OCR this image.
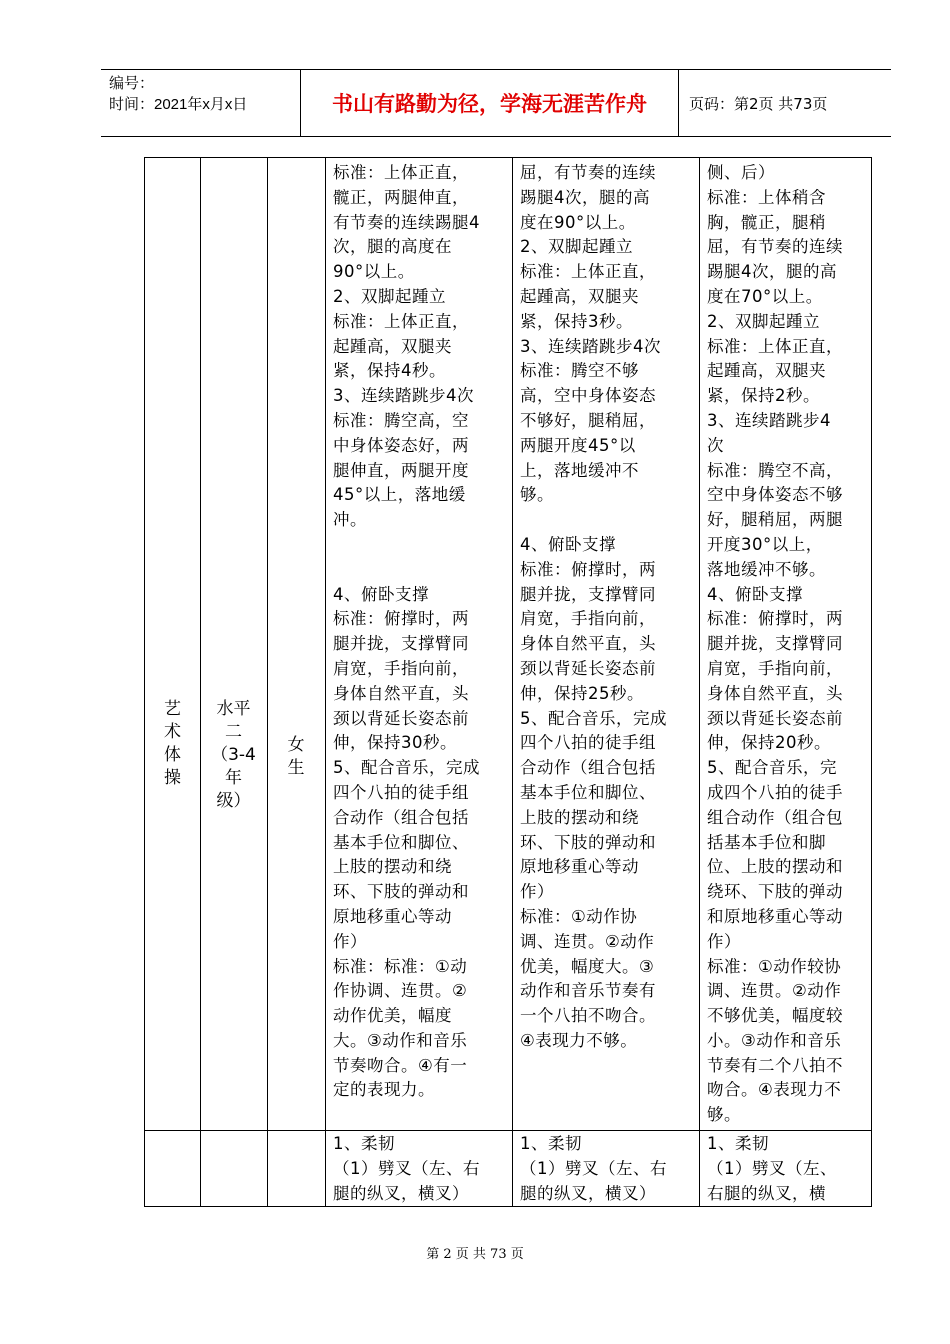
编号：
时间：2021年x月x日	书山有路勤为径，学海无涯苦作舟	页码：第2页 共73页
艺
术
体
操
水平
二
（3-4
年
级）
女
生
标准：上体正直，
髋正，两腿伸直，
有节奏的连续踢腿4
次，腿的高度在
90°以上。
2、双脚起踵立
标准：上体正直，
起踵高，双腿夹
紧，保持4秒。
3、连续踏跳步4次
标准：腾空高，空
中身体姿态好，两
腿伸直，两腿开度
45°以上，落地缓
冲。

4、俯卧支撑
标准：俯撑时，两
腿并拢，支撑臂同
肩宽，手指向前，
身体自然平直，头
颈以背延长姿态前
伸，保持30秒。
5、配合音乐，完成
四个八拍的徒手组
合动作（组合包括
基本手位和脚位、
上肢的摆动和绕
环、下肢的弹动和
原地移重心等动
作）
标准：标准：①动
作协调、连贯。②
动作优美，幅度
大。③动作和音乐
节奏吻合。④有一
定的表现力。
屈，有节奏的连续
踢腿4次，腿的高
度在90°以上。
2、双脚起踵立
标准：上体正直，
起踵高，双腿夹
紧，保持3秒。
3、连续踏跳步4次
标准：腾空不够
高，空中身体姿态
不够好，腿稍屈，
两腿开度45°以
上，落地缓冲不
够。

4、俯卧支撑
标准：俯撑时，两
腿并拢，支撑臂同
肩宽，手指向前，
身体自然平直，头
颈以背延长姿态前
伸，保持25秒。
5、配合音乐，完成
四个八拍的徒手组
合动作（组合包括
基本手位和脚位、
上肢的摆动和绕
环、下肢的弹动和
原地移重心等动
作）
标准：①动作协
调、连贯。②动作
优美，幅度大。③
动作和音乐节奏有
一个八拍不吻合。
④表现力不够。
侧、后）
标准：上体稍含
胸，髋正，腿稍
屈，有节奏的连续
踢腿4次，腿的高
度在70°以上。
2、双脚起踵立
标准：上体正直，
起踵高，双腿夹
紧，保持2秒。
3、连续踏跳步4
次
标准：腾空不高，
空中身体姿态不够
好，腿稍屈，两腿
开度30°以上，
落地缓冲不够。
4、俯卧支撑
标准：俯撑时，两
腿并拢，支撑臂同
肩宽，手指向前，
身体自然平直，头
颈以背延长姿态前
伸，保持20秒。
5、配合音乐，完
成四个八拍的徒手
组合动作（组合包
括基本手位和脚
位、上肢的摆动和
绕环、下肢的弹动
和原地移重心等动
作）
标准：①动作较协
调、连贯。②动作
不够优美，幅度较
小。③动作和音乐
节奏有二个八拍不
吻合。④表现力不
够。
1、柔韧
（1）劈叉（左、右
腿的纵叉，横叉）
1、柔韧
（1）劈叉（左、右
腿的纵叉，横叉）
1、柔韧
（1）劈叉（左、
右腿的纵叉，横
第 2 页 共 73 页
